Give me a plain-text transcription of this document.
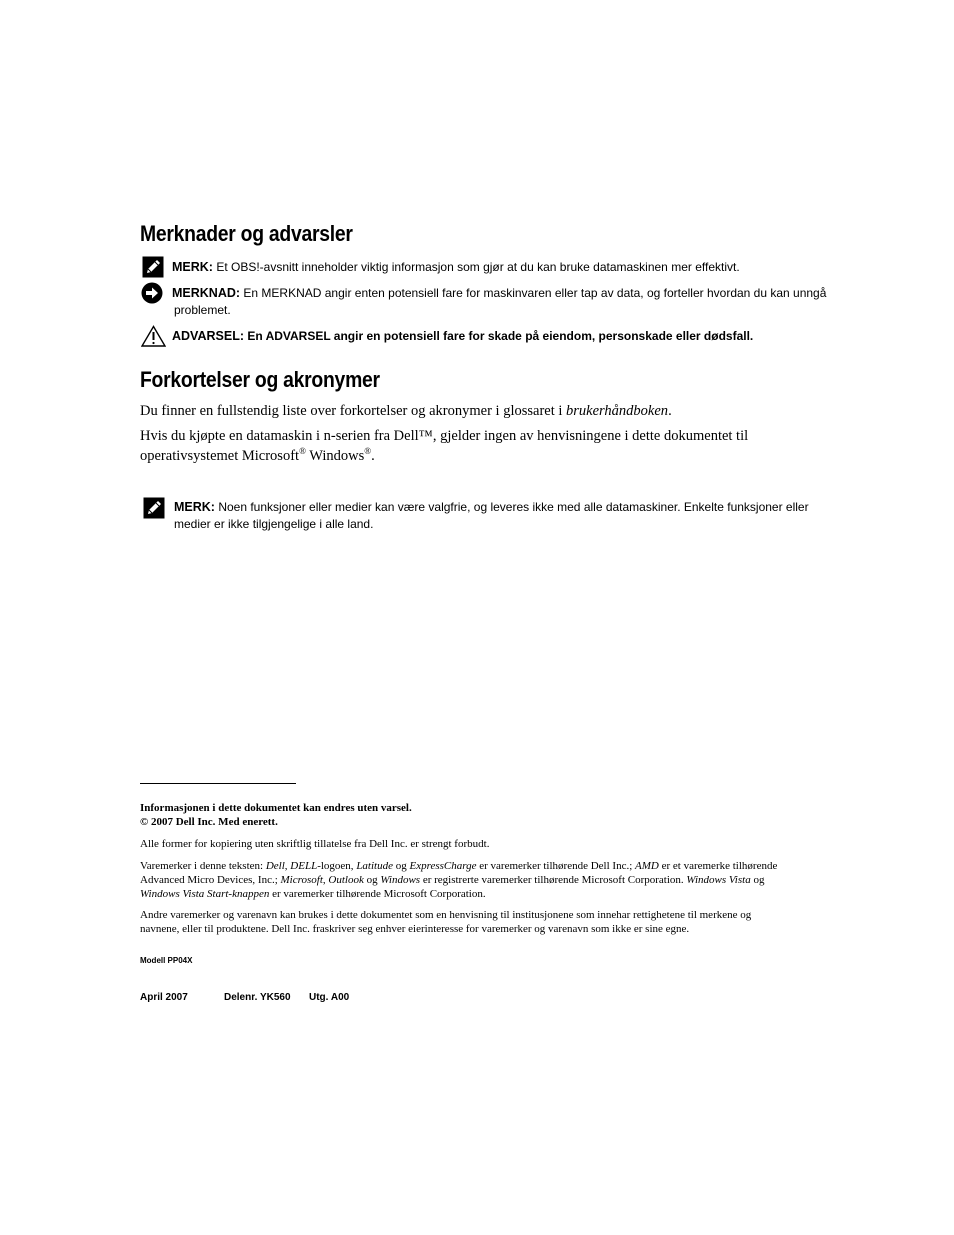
Merknader og advarsler
MERK: Et OBS!-avsnitt inneholder viktig informasjon som gjør at du kan bruke datamaskinen mer effektivt.
MERKNAD: En MERKNAD angir enten potensiell fare for maskinvaren eller tap av data, og forteller hvordan du kan unngå
problemet.
ADVARSEL: En ADVARSEL angir en potensiell fare for skade på eiendom, personskade eller dødsfall.
Forkortelser og akronymer
Du finner en fullstendig liste over forkortelser og akronymer i glossaret i brukerhåndboken.
Hvis du kjøpte en datamaskin i n-serien fra Dell™, gjelder ingen av henvisningene i dette dokumentet til
operativsystemet Microsoft® Windows®.
MERK: Noen funksjoner eller medier kan være valgfrie, og leveres ikke med alle datamaskiner. Enkelte funksjoner eller
medier er ikke tilgjengelige i alle land.
Informasjonen i dette dokumentet kan endres uten varsel.
© 2007 Dell Inc. Med enerett.
Alle former for kopiering uten skriftlig tillatelse fra Dell Inc. er strengt forbudt.
Varemerker i denne teksten: Dell, DELL-logoen, Latitude og ExpressCharge er varemerker tilhørende Dell Inc.; AMD er et varemerke tilhørende
Advanced Micro Devices, Inc.; Microsoft, Outlook og Windows er registrerte varemerker tilhørende Microsoft Corporation. Windows Vista og
Windows Vista Start-knappen er varemerker tilhørende Microsoft Corporation.
Andre varemerker og varenavn kan brukes i dette dokumentet som en henvisning til institusjonene som innehar rettighetene til merkene og
navnene, eller til produktene. Dell Inc. fraskriver seg enhver eierinteresse for varemerker og varenavn som ikke er sine egne.
Modell PP04X
April 2007	Delenr. YK560 Utg. A00
